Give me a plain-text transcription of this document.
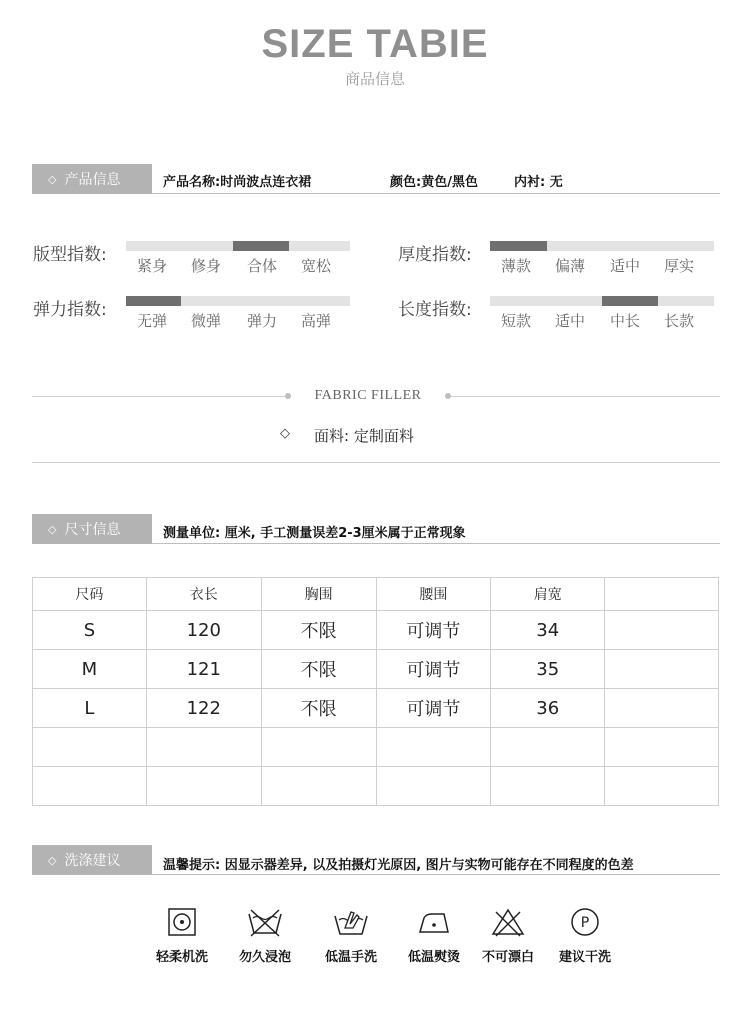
SIZE TABIE
商品信息
◇ 产品信息	产品名称:时尚波点连衣裙	颜色:黄色/黑色	内衬: 无
版型指数:
紧身 修身 合体 宽松
厚度指数:
薄款 偏薄 适中 厚实
弹力指数:
无弹 微弹 弹力 高弹
长度指数:
短款 适中 中长 长款
FABRIC FILLER
◇ 面料: 定制面料
◇ 尺寸信息	测量单位: 厘米, 手工测量误差2-3厘米属于正常现象
尺码	衣长	胸围	腰围	肩宽	
S	120	不限	可调节	34	
M	121	不限	可调节	35	
L	122	不限	可调节	36	

◇ 洗涤建议	温馨提示: 因显示器差异, 以及拍摄灯光原因, 图片与实物可能存在不同程度的色差
轻柔机洗	勿久浸泡	低温手洗	低温熨烫	不可漂白
P
建议干洗
